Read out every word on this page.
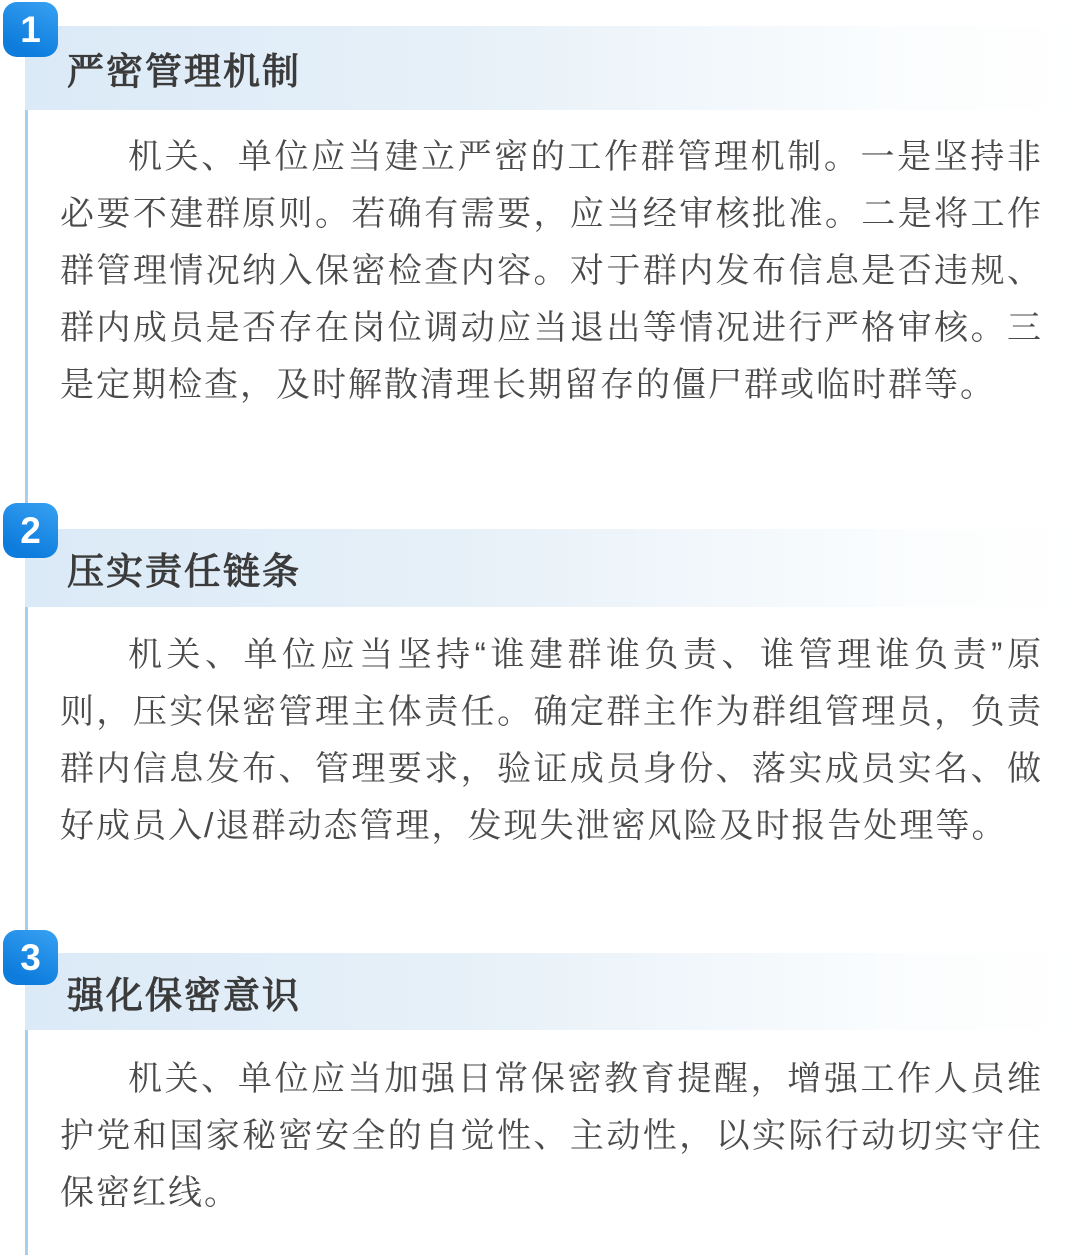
严密管理机制
1

机关、单位应当建立严密的工作群管理机制。一是坚持非必要不建群原则。若确有需要，应当经审核批准。二是将工作群管理情况纳入保密检查内容。对于群内发布信息是否违规、群内成员是否存在岗位调动应当退出等情况进行严格审核。三是定期检查，及时解散清理长期留存的僵尸群或临时群等。

压实责任链条
2

机关、单位应当坚持“谁建群谁负责、谁管理谁负责”原则，压实保密管理主体责任。确定群主作为群组管理员，负责群内信息发布、管理要求，验证成员身份、落实成员实名、做好成员入/退群动态管理，发现失泄密风险及时报告处理等。

强化保密意识
3

机关、单位应当加强日常保密教育提醒，增强工作人员维护党和国家秘密安全的自觉性、主动性，以实际行动切实守住保密红线。
